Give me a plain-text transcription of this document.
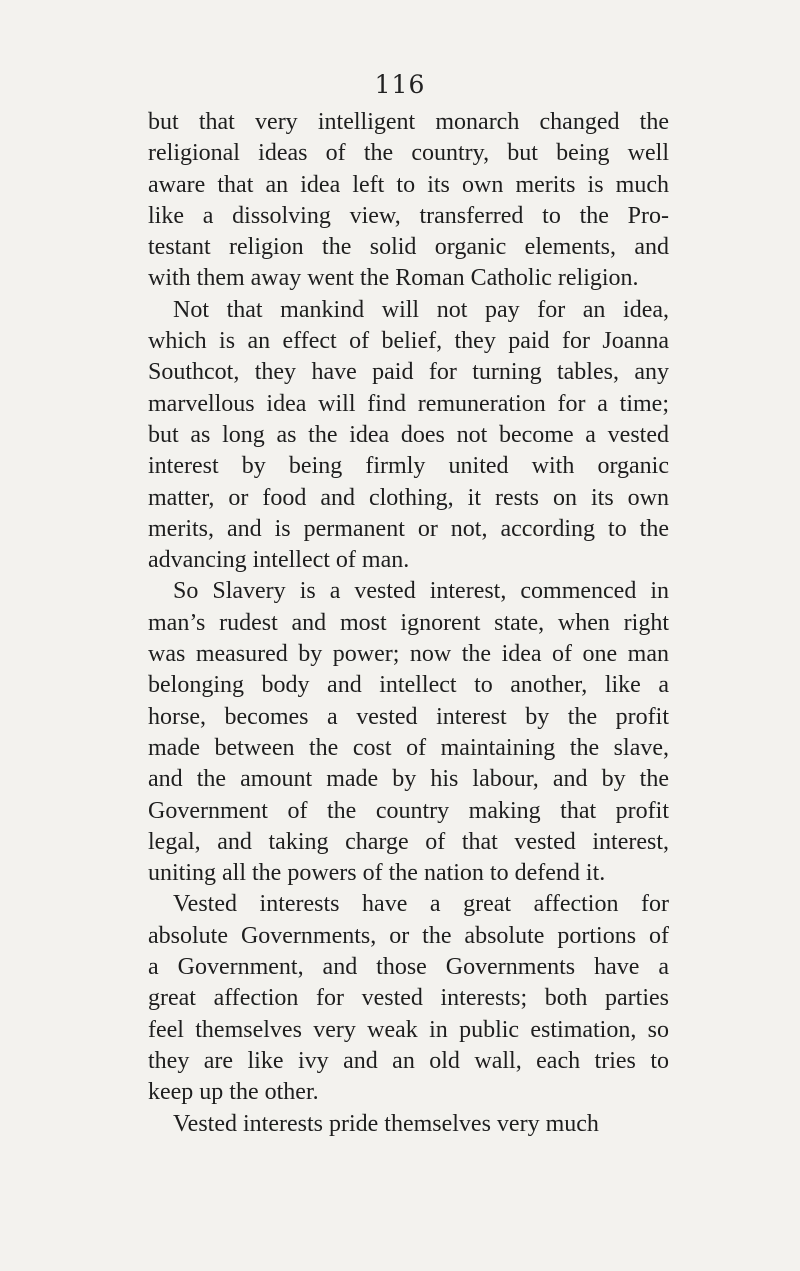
116
but that very intelligent monarch changed the
religional ideas of the country, but being well
aware that an idea left to its own merits is much
like a dissolving view, transferred to the Pro-
testant religion the solid organic elements, and
with them away went the Roman Catholic religion.
Not that mankind will not pay for an idea,
which is an effect of belief, they paid for Joanna
Southcot, they have paid for turning tables, any
marvellous idea will find remuneration for a time;
but as long as the idea does not become a vested
interest by being firmly united with organic
matter, or food and clothing, it rests on its own
merits, and is permanent or not, according to the
advancing intellect of man.
So Slavery is a vested interest, commenced in
man’s rudest and most ignorent state, when right
was measured by power; now the idea of one man
belonging body and intellect to another, like a
horse, becomes a vested interest by the profit
made between the cost of maintaining the slave,
and the amount made by his labour, and by the
Government of the country making that profit
legal, and taking charge of that vested interest,
uniting all the powers of the nation to defend it.
Vested interests have a great affection for
absolute Governments, or the absolute portions of
a Government, and those Governments have a
great affection for vested interests; both parties
feel themselves very weak in public estimation, so
they are like ivy and an old wall, each tries to
keep up the other.
Vested interests pride themselves very much
